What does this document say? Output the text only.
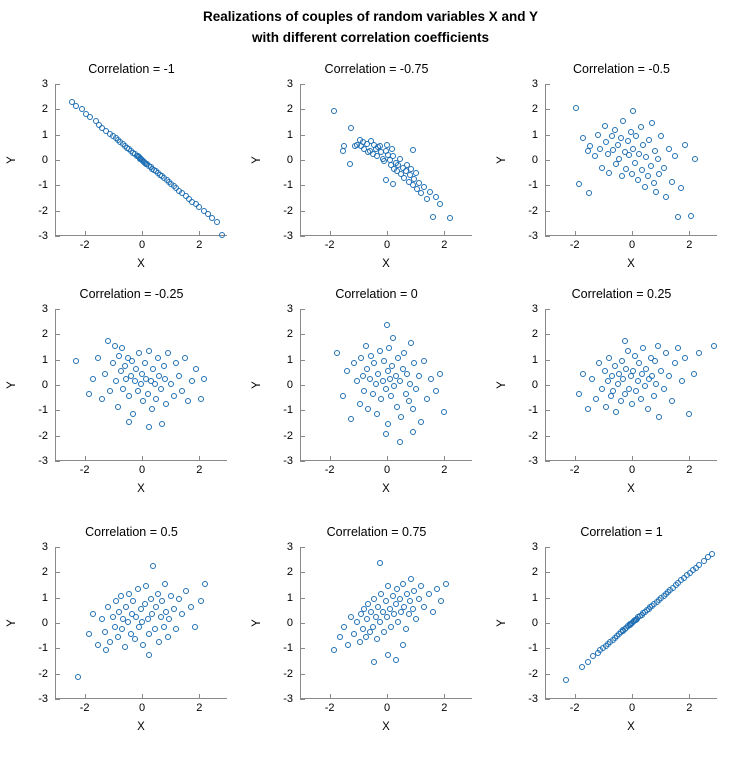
Realizations of couples of random variables X and Y
with different correlation coefficients
Correlation = -1
-2	0	2
-3
-2
-1
0
1
2
3
X
Y
Correlation = -0.75
-2	0	2
-3
-2
-1
0
1
2
3
X
Y
Correlation = -0.5
-2	0	2
-3
-2
-1
0
1
2
3
X
Y
Correlation = -0.25
-2	0	2
-3
-2
-1
0
1
2
3
X
Y
Correlation = 0
-2	0	2
-3
-2
-1
0
1
2
3
X
Y
Correlation = 0.25
-2	0	2
-3
-2
-1
0
1
2
3
X
Y
Correlation = 0.5
-2	0	2
-3
-2
-1
0
1
2
3
X
Y
Correlation = 0.75
-2	0	2
-3
-2
-1
0
1
2
3
X
Y
Correlation = 1
-2	0	2
-3
-2
-1
0
1
2
3
X
Y
